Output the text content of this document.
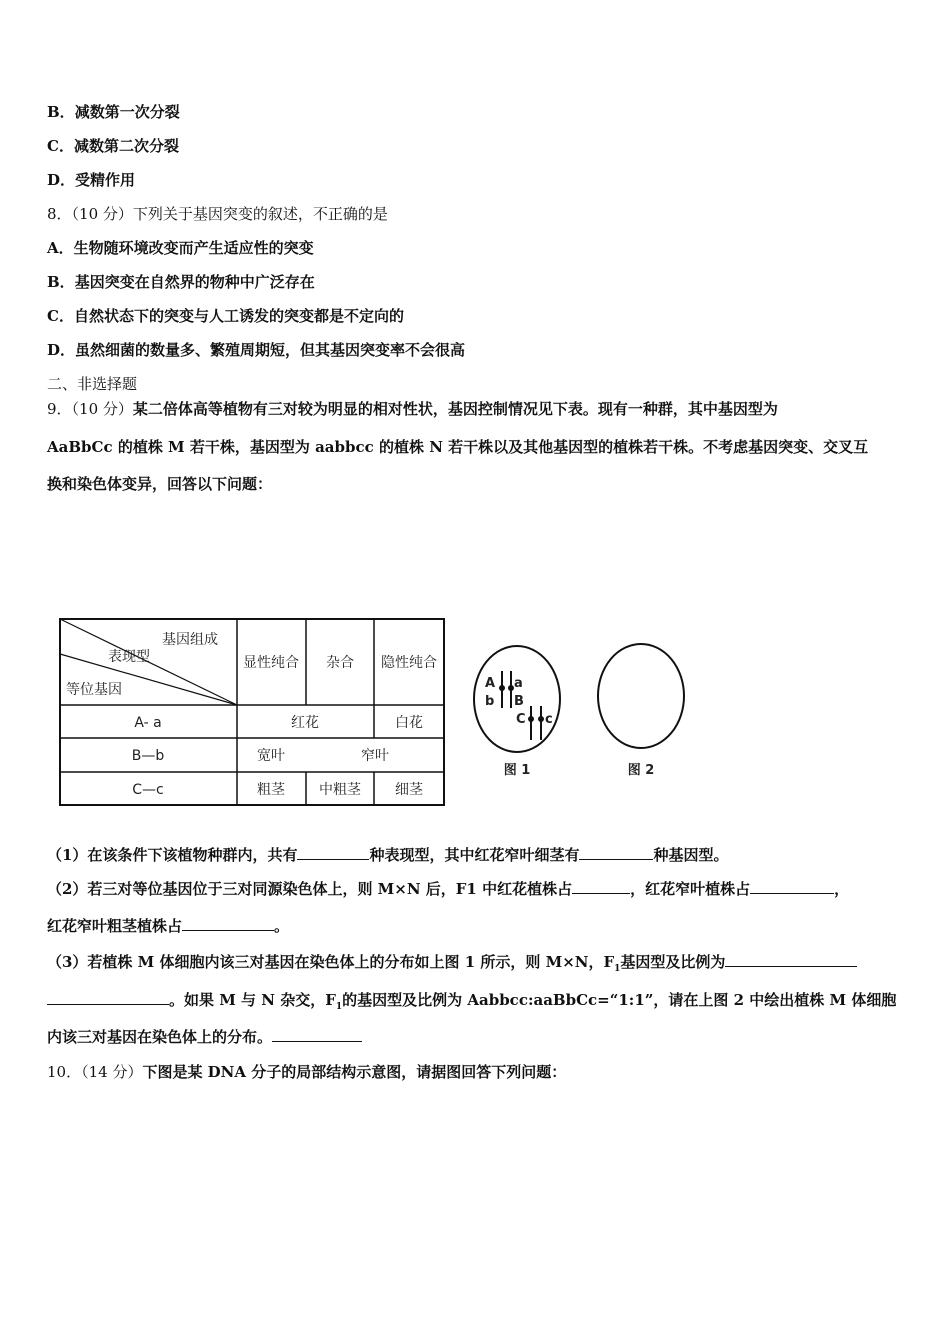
B．减数第一次分裂
C．减数第二次分裂
D．受精作用
8．（10 分）下列关于基因突变的叙述，不正确的是
A．生物随环境改变而产生适应性的突变
B．基因突变在自然界的物种中广泛存在
C．自然状态下的突变与人工诱发的突变都是不定向的
D．虽然细菌的数量多、繁殖周期短，但其基因突变率不会很高
二、非选择题
9．（10 分）某二倍体高等植物有三对较为明显的相对性状，基因控制情况见下表。现有一种群，其中基因型为
AaBbCc 的植株 M 若干株，基因型为 aabbcc 的植株 N 若干株以及其他基因型的植株若干株。不考虑基因突变、交叉互
换和染色体变异，回答以下问题：
基因组成
表现型
等位基因
显性纯合 杂合 隐性纯合
A- a	红花	白花
B—b	宽叶	窄叶
C—c	粗茎 中粗茎 细茎
A a
b B
C c
图 1	图 2
（1）在该条件下该植物种群内，共有	种表现型，其中红花窄叶细茎有	种基因型。
（2）若三对等位基因位于三对同源染色体上，则 M×N 后，F1 中红花植株占	，红花窄叶植株占	，
红花窄叶粗茎植株占	。
（3）若植株 M 体细胞内该三对基因在染色体上的分布如上图 1 所示，则 M×N，$F_1$基因型及比例为
。如果 M 与 N 杂交，$F_1$的基因型及比例为 Aabbcc:aaBbCc=“1:1”，请在上图 2 中绘出植株 M 体细胞
内该三对基因在染色体上的分布。
10．（14 分）下图是某 DNA 分子的局部结构示意图，请据图回答下列问题：
